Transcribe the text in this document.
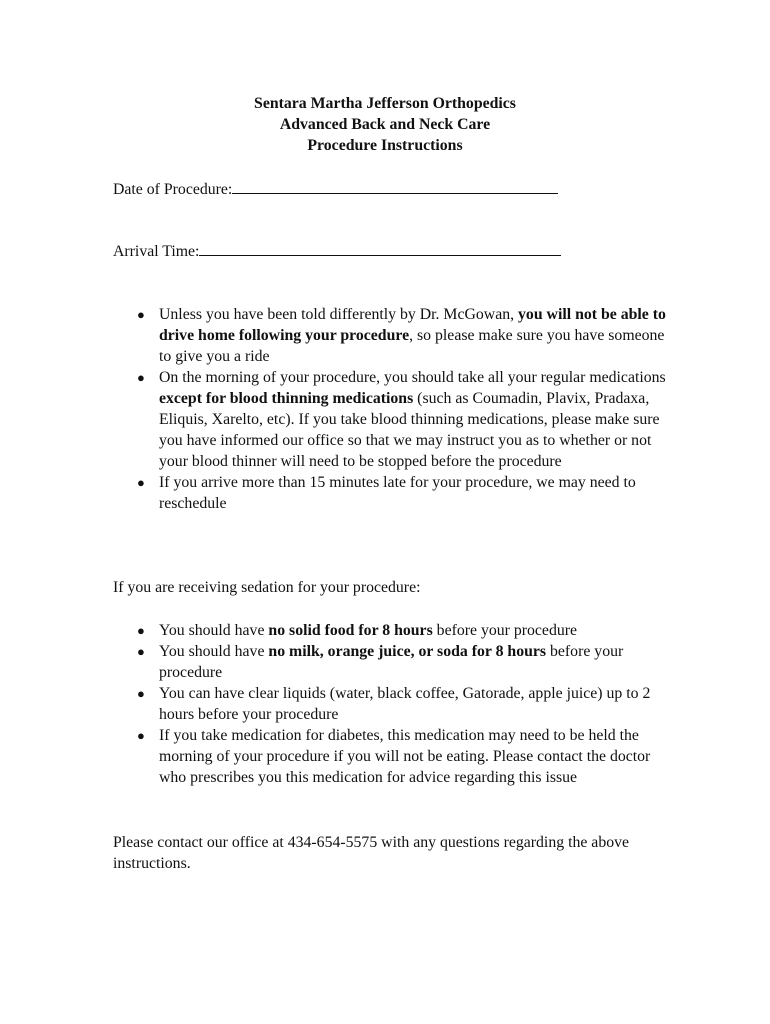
Sentara Martha Jefferson Orthopedics
Advanced Back and Neck Care
Procedure Instructions
Date of Procedure:
Arrival Time:
● Unless you have been told differently by Dr. McGowan, you will not be able to drive home following your procedure, so please make sure you have someone to give you a ride
● On the morning of your procedure, you should take all your regular medications except for blood thinning medications (such as Coumadin, Plavix, Pradaxa, Eliquis, Xarelto, etc). If you take blood thinning medications, please make sure you have informed our office so that we may instruct you as to whether or not your blood thinner will need to be stopped before the procedure
● If you arrive more than 15 minutes late for your procedure, we may need to reschedule
If you are receiving sedation for your procedure:
● You should have no solid food for 8 hours before your procedure
● You should have no milk, orange juice, or soda for 8 hours before your procedure
● You can have clear liquids (water, black coffee, Gatorade, apple juice) up to 2 hours before your procedure
● If you take medication for diabetes, this medication may need to be held the morning of your procedure if you will not be eating. Please contact the doctor who prescribes you this medication for advice regarding this issue
Please contact our office at 434-654-5575 with any questions regarding the above instructions.
